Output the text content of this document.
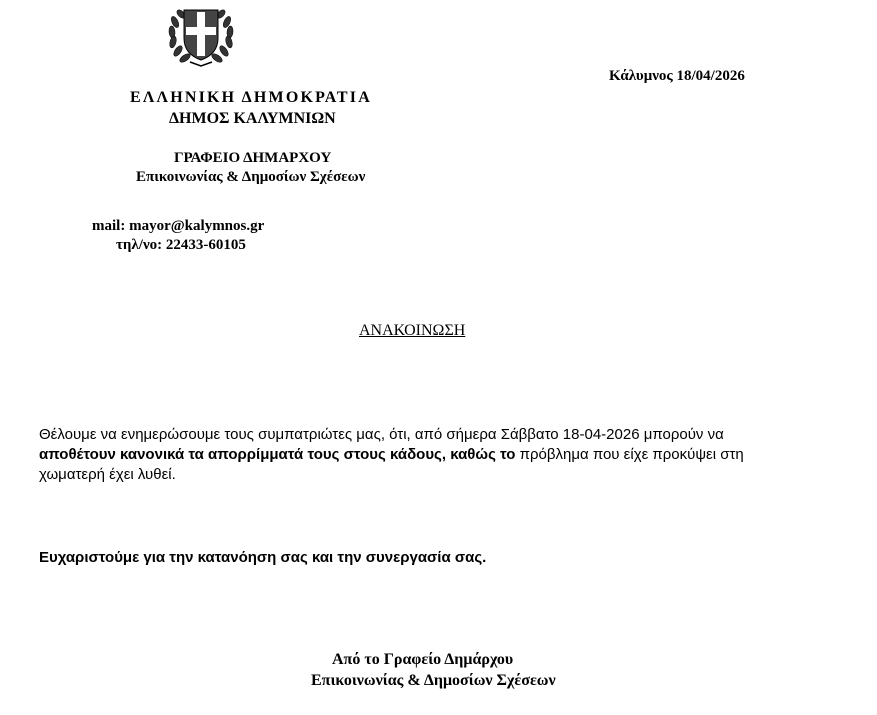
ΕΛΛΗΝΙΚΗ ΔΗΜΟΚΡΑΤΙΑ
ΔΗΜΟΣ ΚΑΛΥΜΝΙΩΝ
Κάλυμνος 18/04/2026
ΓΡΑΦΕΙΟ ΔΗΜΑΡΧΟΥ
Επικοινωνίας & Δημοσίων Σχέσεων
mail: mayor@kalymnos.gr
τηλ/νο: 22433-60105
ΑΝΑΚΟΙΝΩΣΗ
Θέλουμε να ενημερώσουμε τους συμπατριώτες μας, ότι, από σήμερα Σάββατο 18-04-2026 μπορούν να
αποθέτουν κανονικά τα απορρίμματά τους στους κάδους, καθώς το πρόβλημα που είχε προκύψει στη
χωματερή έχει λυθεί.
Ευχαριστούμε για την κατανόηση σας και την συνεργασία σας.
Από το Γραφείο Δημάρχου
Επικοινωνίας & Δημοσίων Σχέσεων
